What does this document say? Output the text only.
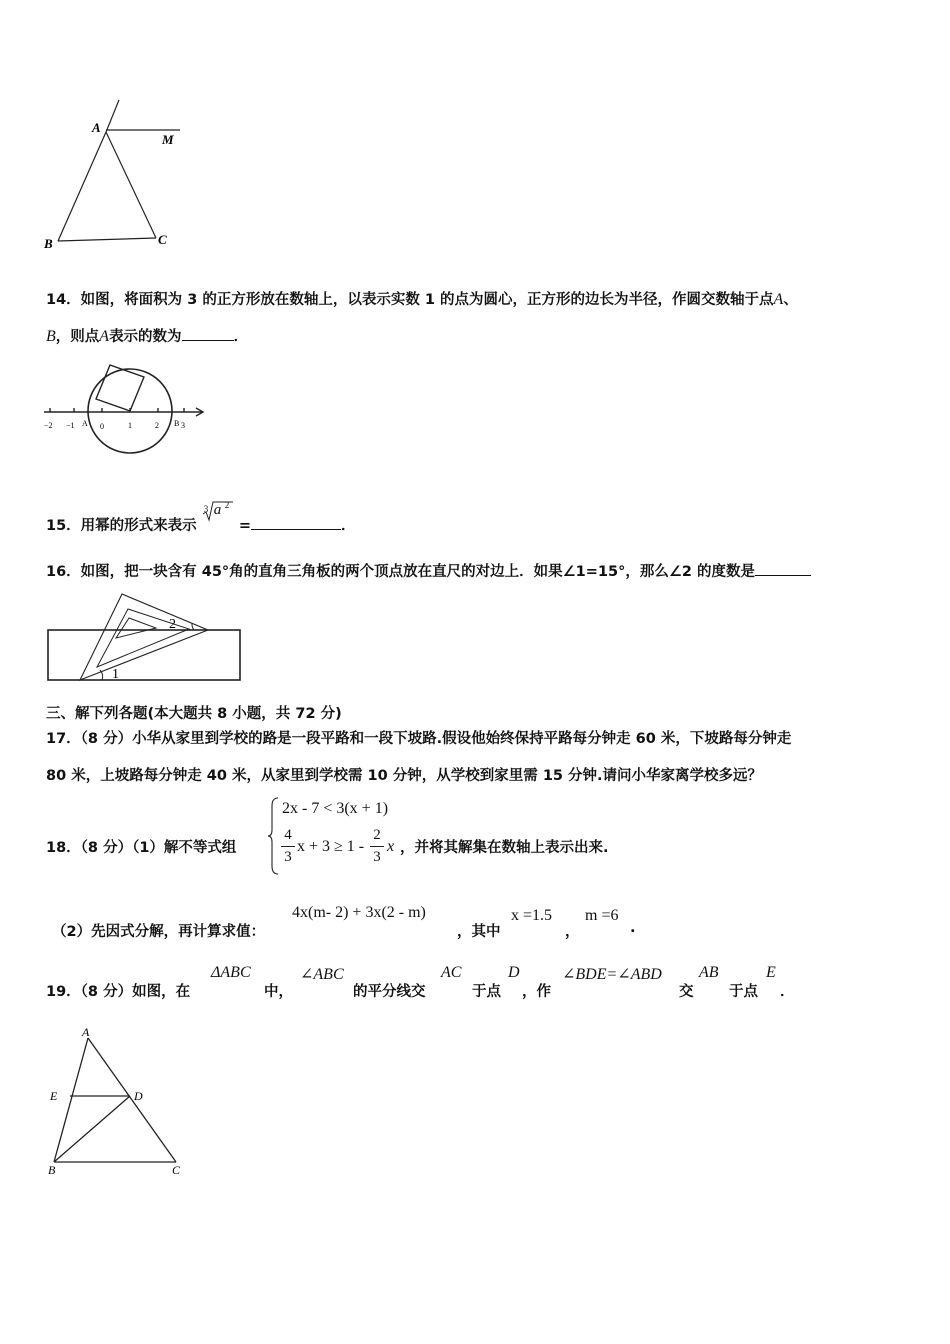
A
M
B	C
14．如图，将面积为 3 的正方形放在数轴上，以表示实数 1 的点为圆心，正方形的边长为半径，作圆交数轴于点A、
B，则点A表示的数为	．
−2 −1 A 0	1	2 B 3
15．用幂的形式来表示
3 a 2
=	．
16．如图，把一块含有 45°角的直角三角板的两个顶点放在直尺的对边上．如果∠1=15°，那么∠2 的度数是
2
1
三、解下列各题(本大题共 8 小题，共 72 分)
17．（8 分）小华从家里到学校的路是一段平路和一段下坡路.假设他始终保持平路每分钟走 60 米，下坡路每分钟走
80 米，上坡路每分钟走 40 米，从家里到学校需 10 分钟，从学校到家里需 15 分钟.请问小华家离学校多远？
18．（8 分）（1）解不等式组
2x - 7 < 3(x + 1)
4
3
x + 3 ≥ 1 -
2
3
x ，并将其解集在数轴上表示出来.
（2）先因式分解，再计算求值：
4x(m- 2) + 3x(2 - m)
，其中
x =1.5
，
m =6
.
19．（8 分）如图，在
ΔABC
中，
∠ABC
的平分线交
AC
于点
D
，作
∠BDE=∠ABD
交
AB
于点
E
．
A
E	D
B	C
